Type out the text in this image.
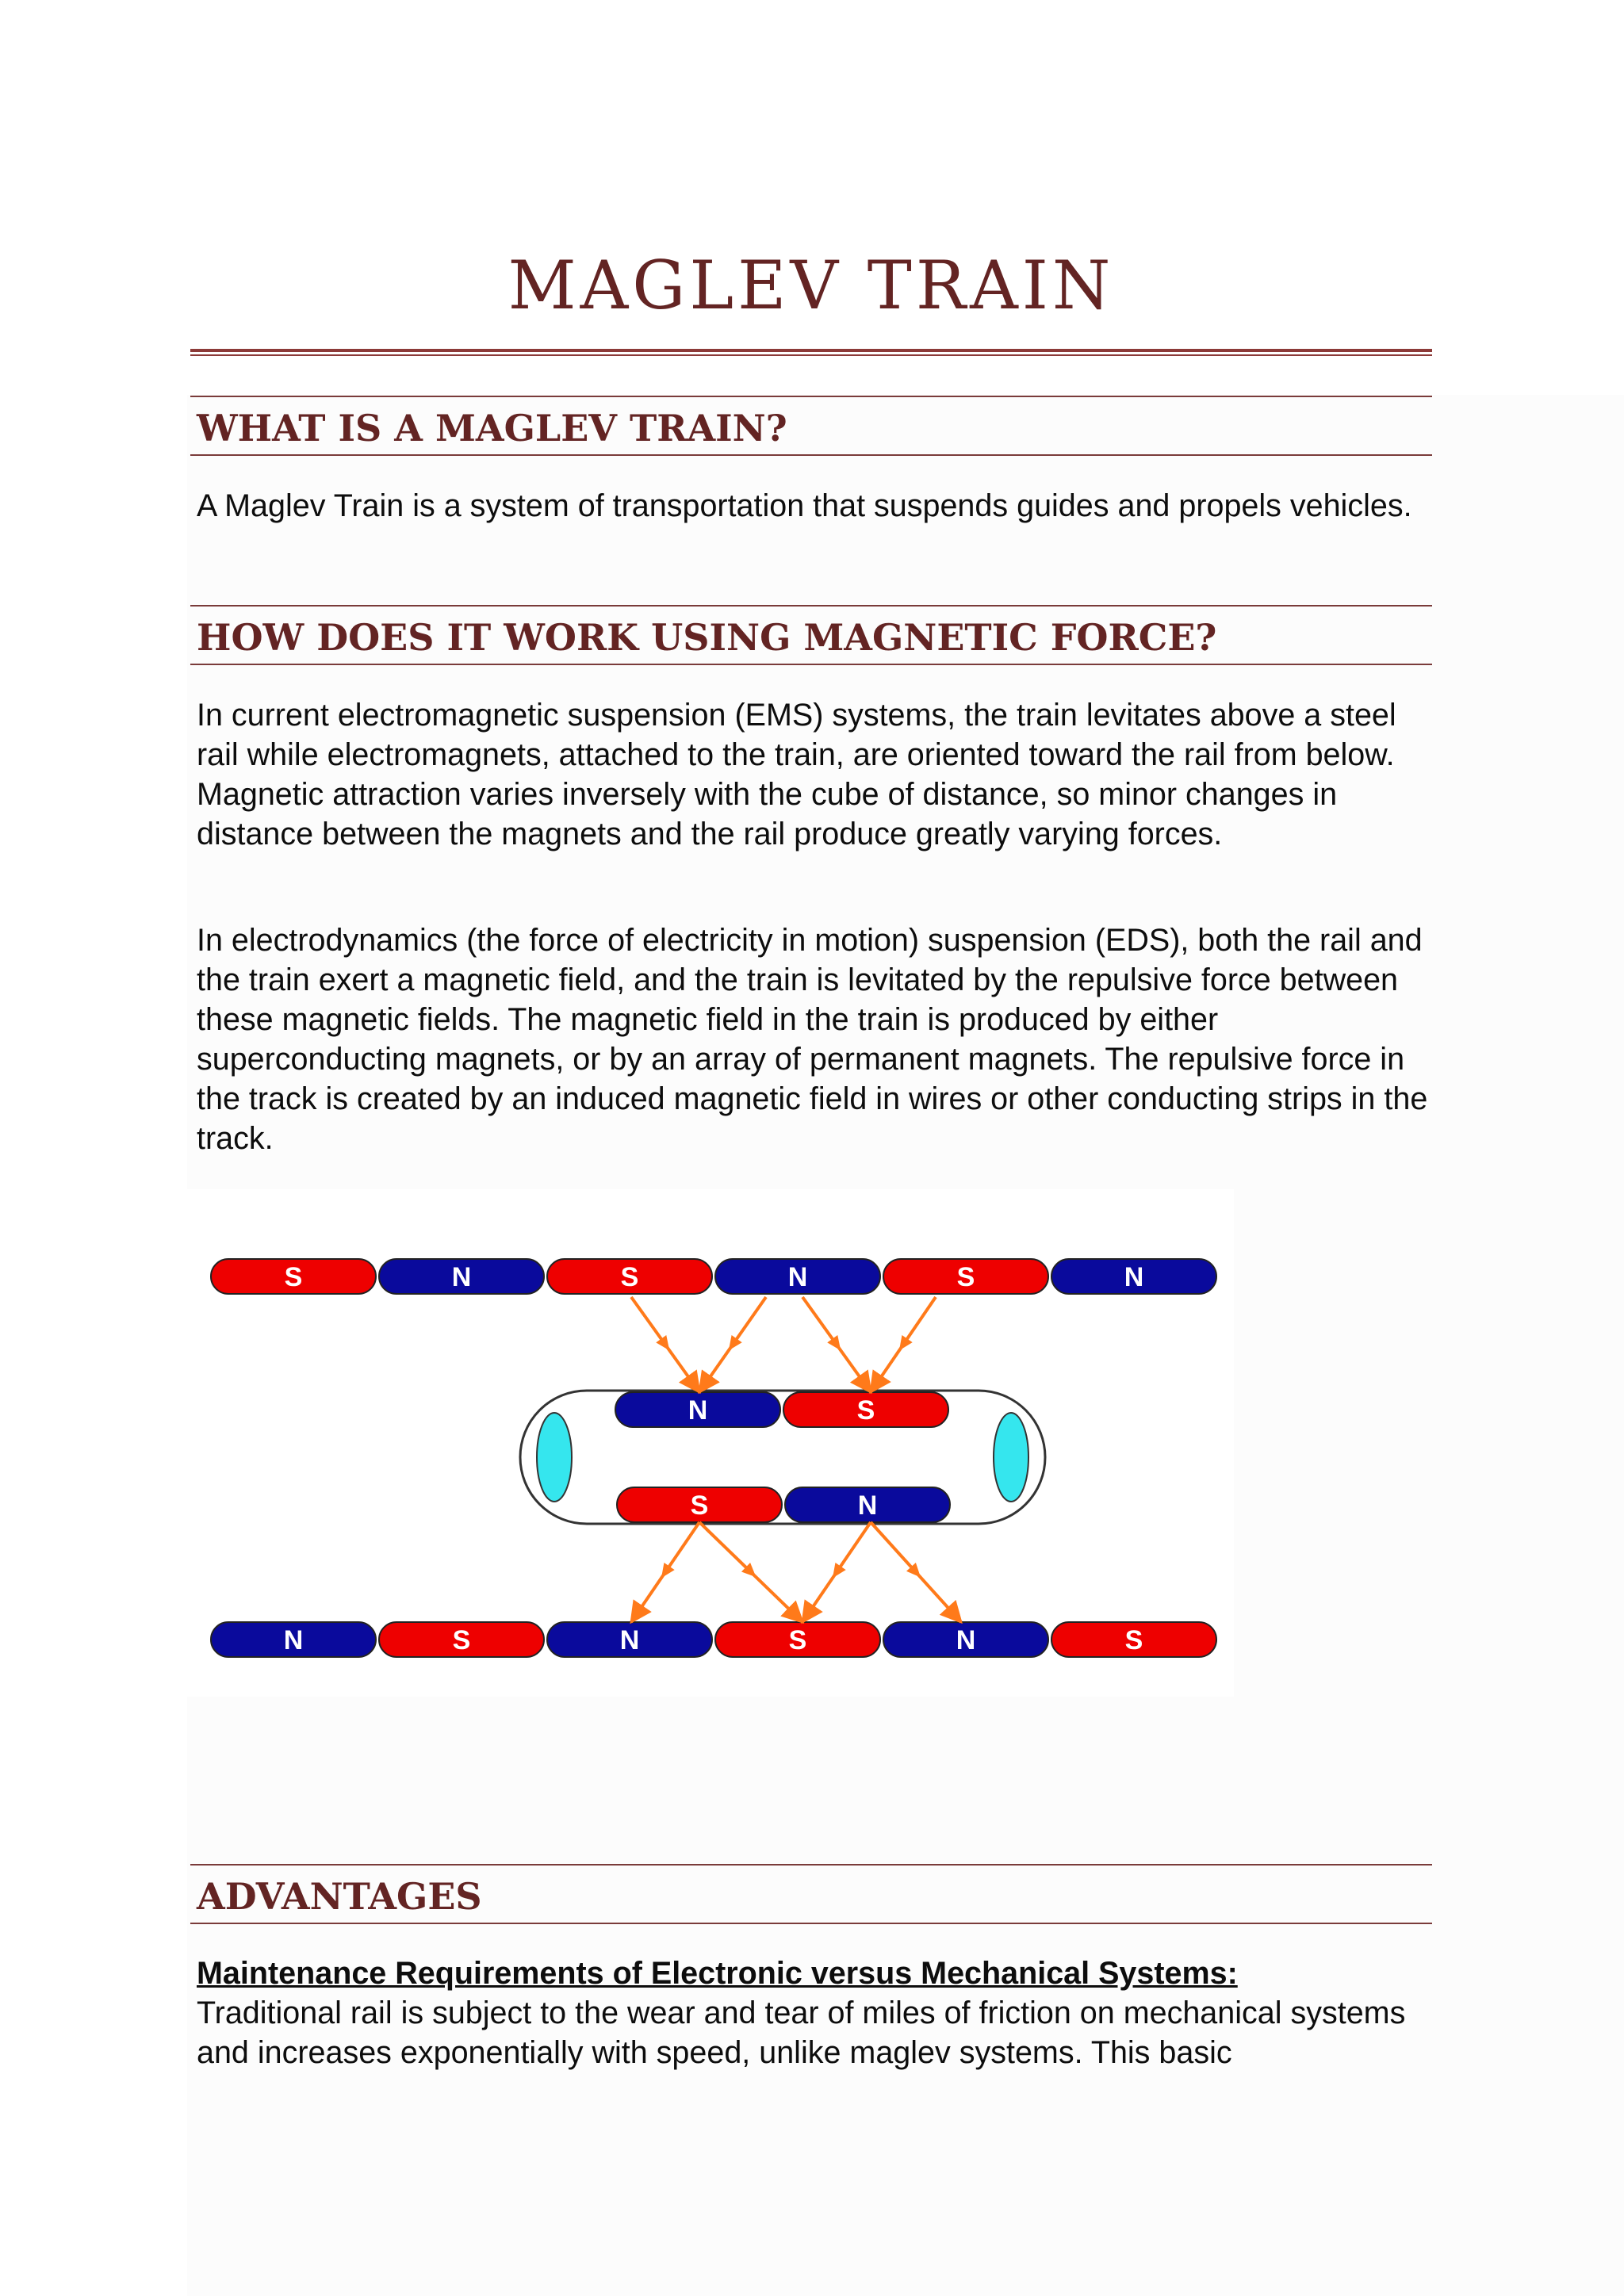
MAGLEV TRAIN
WHAT IS A MAGLEV TRAIN?

A Maglev Train is a system of transportation that suspends guides and propels vehicles.

HOW DOES IT WORK USING MAGNETIC FORCE?

In current electromagnetic suspension (EMS) systems, the train levitates above a steel rail while electromagnets, attached to the train, are oriented toward the rail from below. Magnetic attraction varies inversely with the cube of distance, so minor changes in distance between the magnets and the rail produce greatly varying forces.

In electrodynamics (the force of electricity in motion) suspension (EDS), both the rail and the train exert a magnetic field, and the train is levitated by the repulsive force between these magnetic fields. The magnetic field in the train is produced by either superconducting magnets, or by an array of permanent magnets. The repulsive force in the track is created by an induced magnetic field in wires or other conducting strips in the track.

S	N	S	N	S	N
N	S	N	S	N	S
N	S
S	N
ADVANTAGES

Maintenance Requirements of Electronic versus Mechanical Systems:
Traditional rail is subject to the wear and tear of miles of friction on mechanical systems and increases exponentially with speed, unlike maglev systems. This basic
